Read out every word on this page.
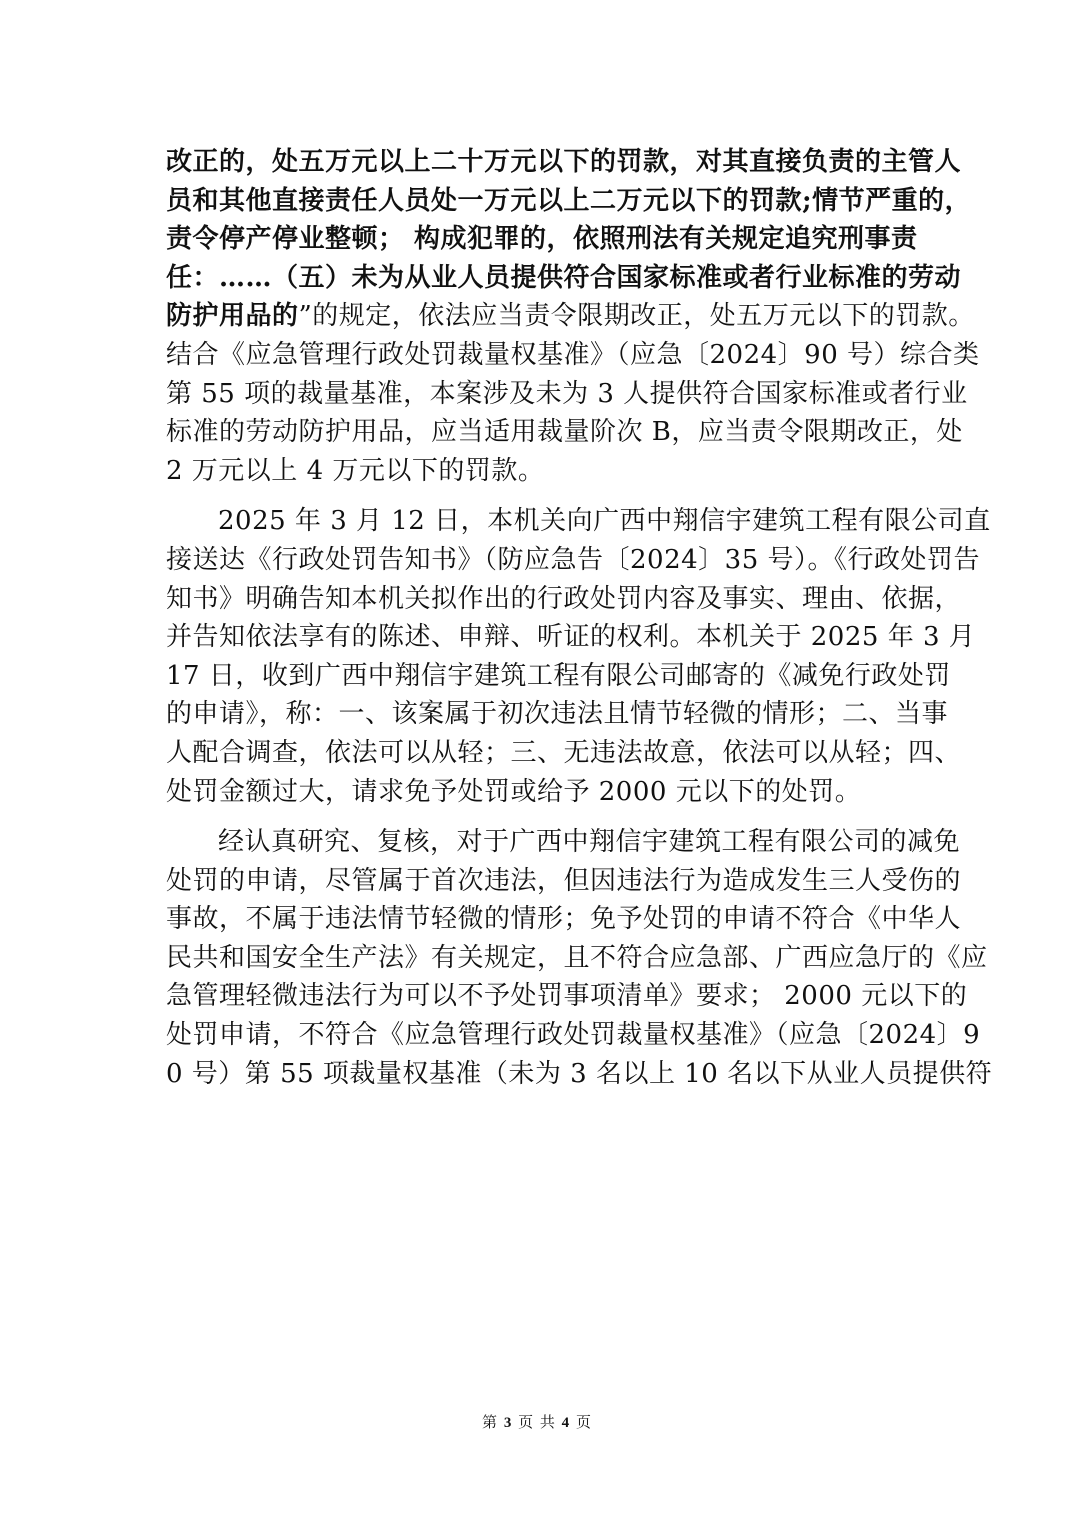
改正的，处五万元以上二十万元以下的罚款，对其直接负责的主管人
员和其他直接责任人员处一万元以上二万元以下的罚款;情节严重的，
责令停产停业整顿； 构成犯罪的，依照刑法有关规定追究刑事责
任：……（五）未为从业人员提供符合国家标准或者行业标准的劳动
防护用品的”的规定，依法应当责令限期改正，处五万元以下的罚款。
结合《应急管理行政处罚裁量权基准》（应急〔2024〕90 号）综合类
第 55 项的裁量基准，本案涉及未为 3 人提供符合国家标准或者行业
标准的劳动防护用品，应当适用裁量阶次 B，应当责令限期改正，处
2 万元以上 4 万元以下的罚款。
2025 年 3 月 12 日，本机关向广西中翔信宇建筑工程有限公司直
接送达《行政处罚告知书》（防应急告〔2024〕35 号）。《行政处罚告
知书》明确告知本机关拟作出的行政处罚内容及事实、理由、依据，
并告知依法享有的陈述、申辩、听证的权利。本机关于 2025 年 3 月
17 日，收到广西中翔信宇建筑工程有限公司邮寄的《减免行政处罚
的申请》，称：一、该案属于初次违法且情节轻微的情形；二、当事
人配合调查，依法可以从轻；三、无违法故意，依法可以从轻；四、
处罚金额过大，请求免予处罚或给予 2000 元以下的处罚。
经认真研究、复核，对于广西中翔信宇建筑工程有限公司的减免
处罚的申请，尽管属于首次违法，但因违法行为造成发生三人受伤的
事故，不属于违法情节轻微的情形；免予处罚的申请不符合《中华人
民共和国安全生产法》有关规定，且不符合应急部、广西应急厅的《应
急管理轻微违法行为可以不予处罚事项清单》要求； 2000 元以下的
处罚申请，不符合《应急管理行政处罚裁量权基准》（应急〔2024〕9
0 号）第 55 项裁量权基准（未为 3 名以上 10 名以下从业人员提供符
第 3 页 共 4 页
